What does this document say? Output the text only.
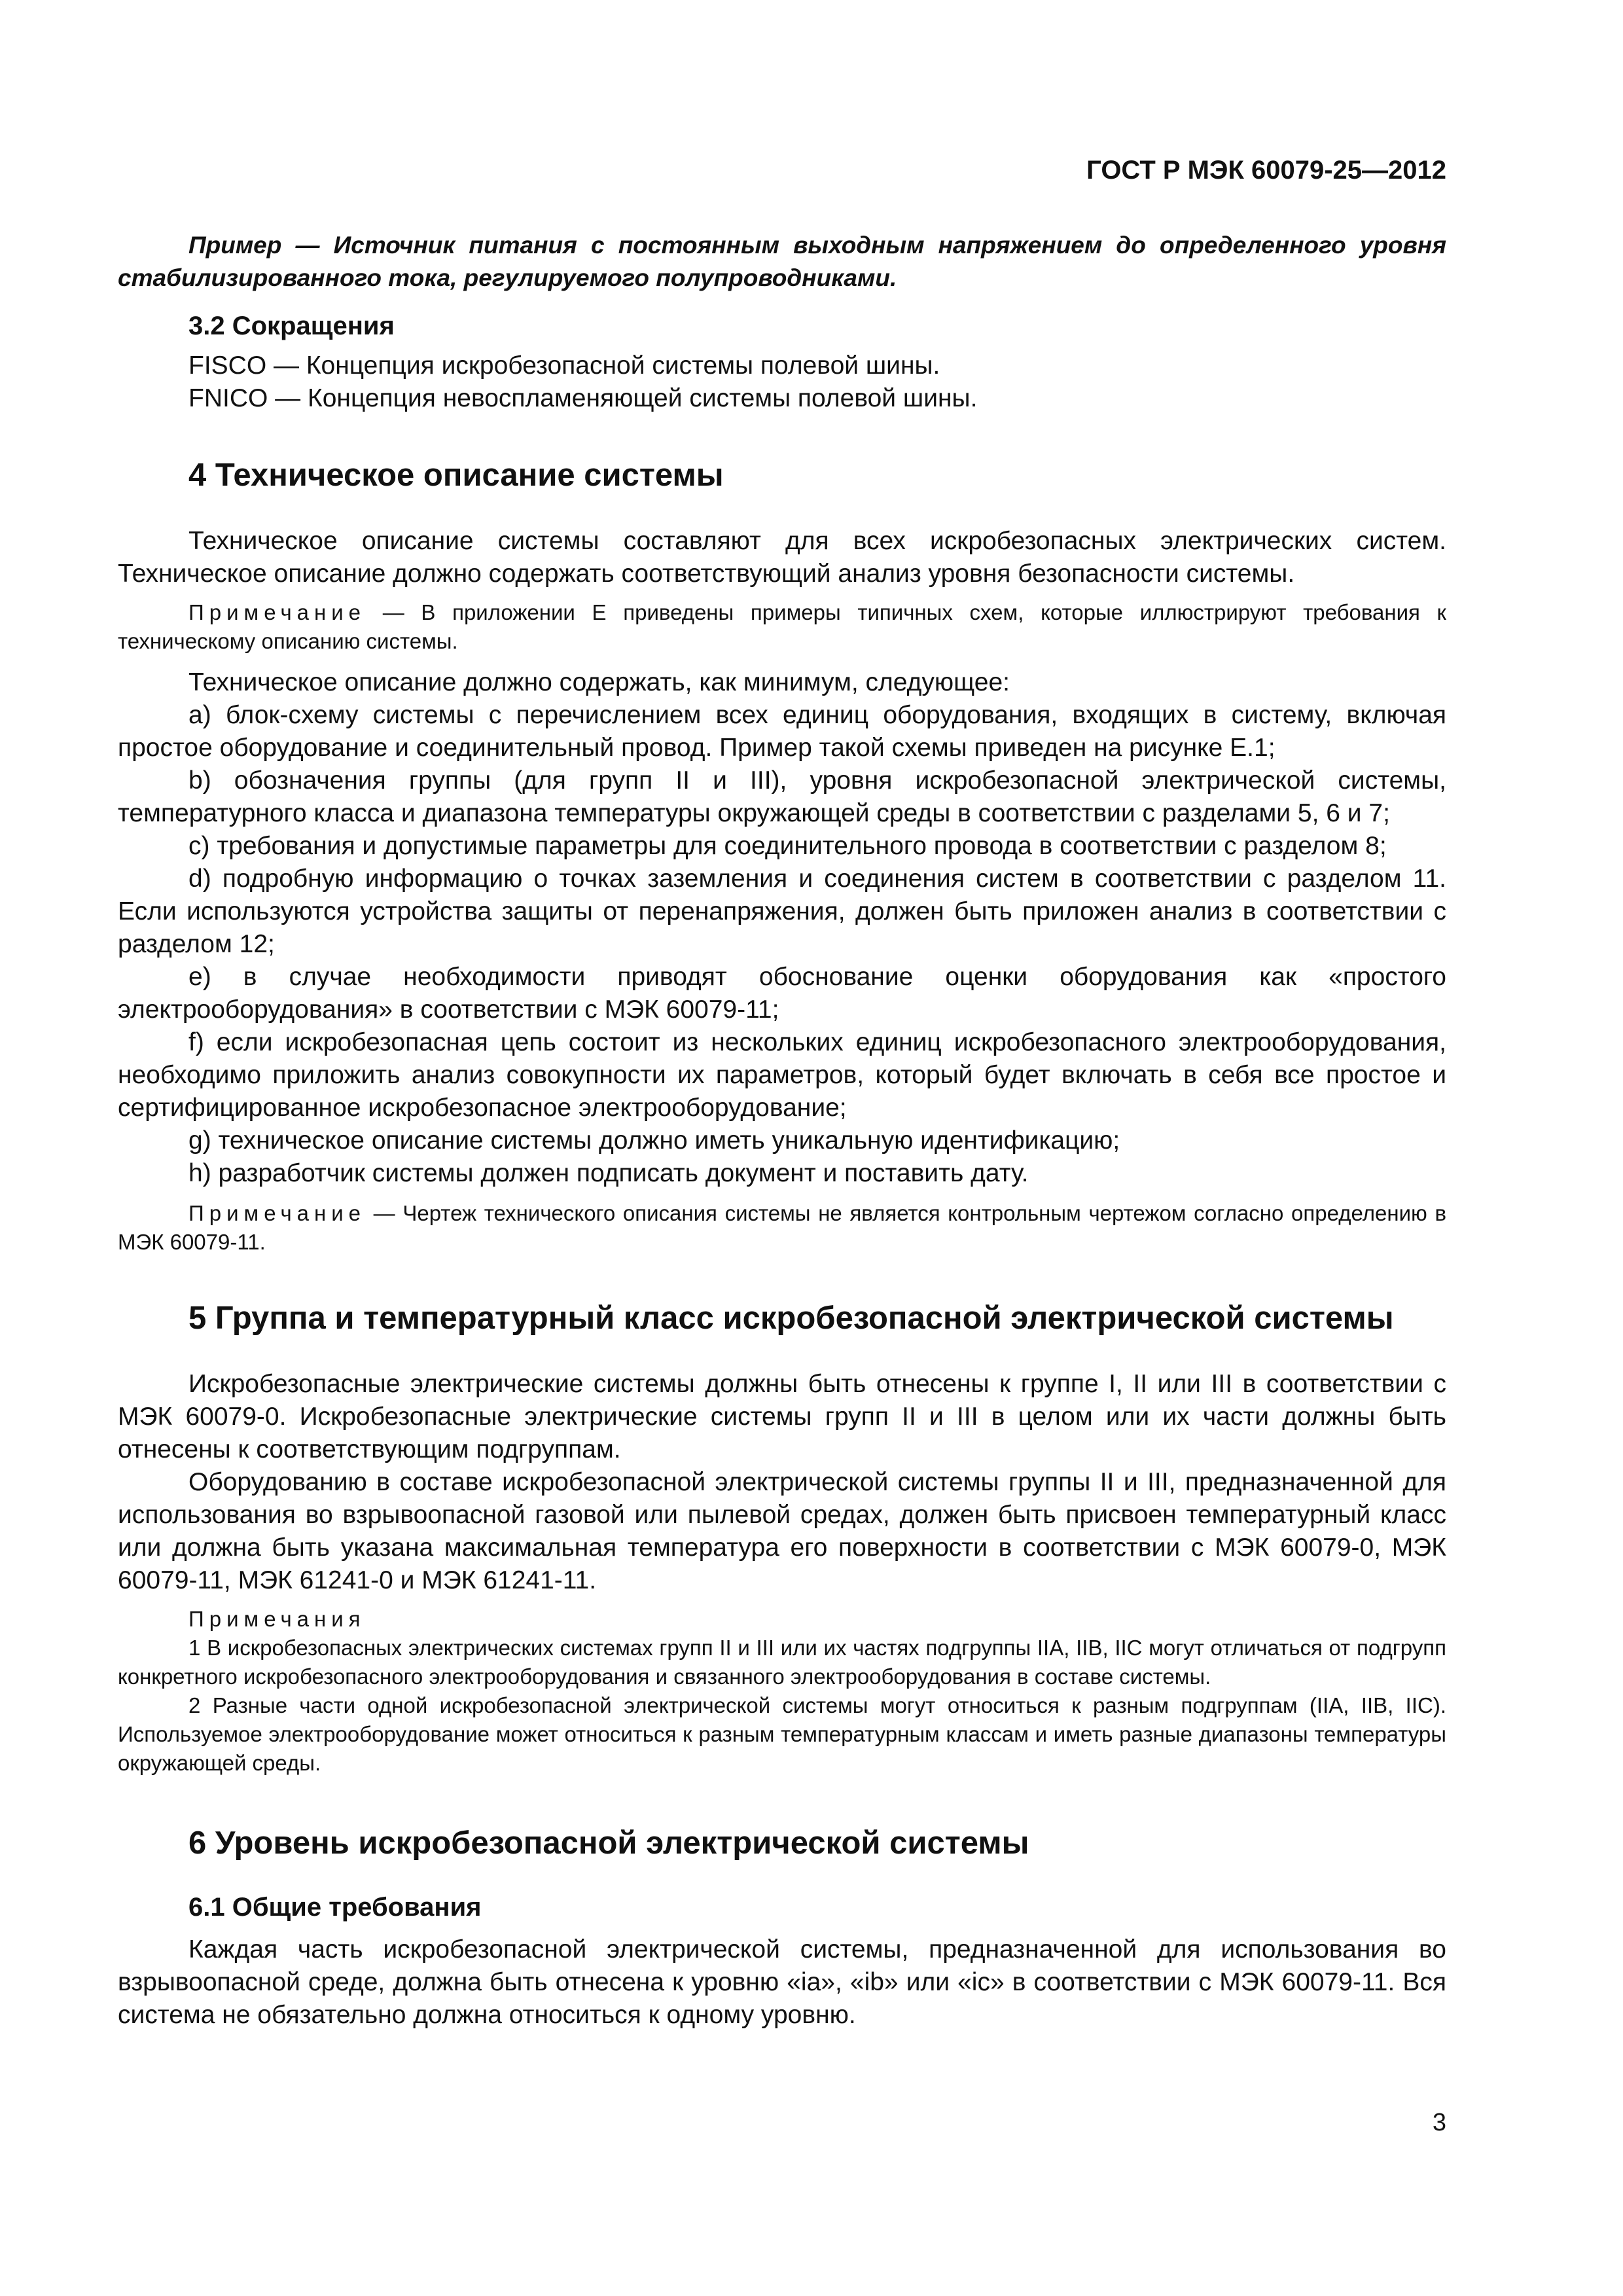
ГОСТ Р МЭК 60079-25—2012

Пример — Источник питания с постоянным выходным напряжением до определенного уровня стабилизированного тока, регулируемого полупроводниками.

3.2 Сокращения

FISCO — Концепция искробезопасной системы полевой шины.

FNICO — Концепция невоспламеняющей системы полевой шины.

4 Техническое описание системы

Техническое описание системы составляют для всех искробезопасных электрических систем. Техническое описание должно содержать соответствующий анализ уровня безопасности системы.

Примечание — В приложении Е приведены примеры типичных схем, которые иллюстрируют требования к техническому описанию системы.

Техническое описание должно содержать, как минимум, следующее:

a) блок-схему системы с перечислением всех единиц оборудования, входящих в систему, включая простое оборудование и соединительный провод. Пример такой схемы приведен на рисунке Е.1;

b) обозначения группы (для групп II и III), уровня искробезопасной электрической системы, температурного класса и диапазона температуры окружающей среды в соответствии с разделами 5, 6 и 7;

c) требования и допустимые параметры для соединительного провода в соответствии с разделом 8;

d) подробную информацию о точках заземления и соединения систем в соответствии с разделом 11. Если используются устройства защиты от перенапряжения, должен быть приложен анализ в соответствии с разделом 12;

e) в случае необходимости приводят обоснование оценки оборудования как «простого электрооборудования» в соответствии с МЭК 60079-11;

f) если искробезопасная цепь состоит из нескольких единиц искробезопасного электрооборудования, необходимо приложить анализ совокупности их параметров, который будет включать в себя все простое и сертифицированное искробезопасное электрооборудование;

g) техническое описание системы должно иметь уникальную идентификацию;

h) разработчик системы должен подписать документ и поставить дату.

Примечание — Чертеж технического описания системы не является контрольным чертежом согласно определению в МЭК 60079-11.

5 Группа и температурный класс искробезопасной электрической системы

Искробезопасные электрические системы должны быть отнесены к группе I, II или III в соответствии с МЭК 60079-0. Искробезопасные электрические системы групп II и III в целом или их части должны быть отнесены к соответствующим подгруппам.

Оборудованию в составе искробезопасной электрической системы группы II и III, предназначенной для использования во взрывоопасной газовой или пылевой средах, должен быть присвоен температурный класс или должна быть указана максимальная температура его поверхности в соответствии с МЭК 60079-0, МЭК 60079-11, МЭК 61241-0 и МЭК 61241-11.

Примечания

1 В искробезопасных электрических системах групп II и III или их частях подгруппы IIA, IIB, IIC могут отличаться от подгрупп конкретного искробезопасного электрооборудования и связанного электрооборудования в составе системы.

2 Разные части одной искробезопасной электрической системы могут относиться к разным подгруппам (IIA, IIB, IIC). Используемое электрооборудование может относиться к разным температурным классам и иметь разные диапазоны температуры окружающей среды.

6 Уровень искробезопасной электрической системы
6.1 Общие требования

Каждая часть искробезопасной электрической системы, предназначенной для использования во взрывоопасной среде, должна быть отнесена к уровню «ia», «ib» или «ic» в соответствии с МЭК 60079-11. Вся система не обязательно должна относиться к одному уровню.

3
